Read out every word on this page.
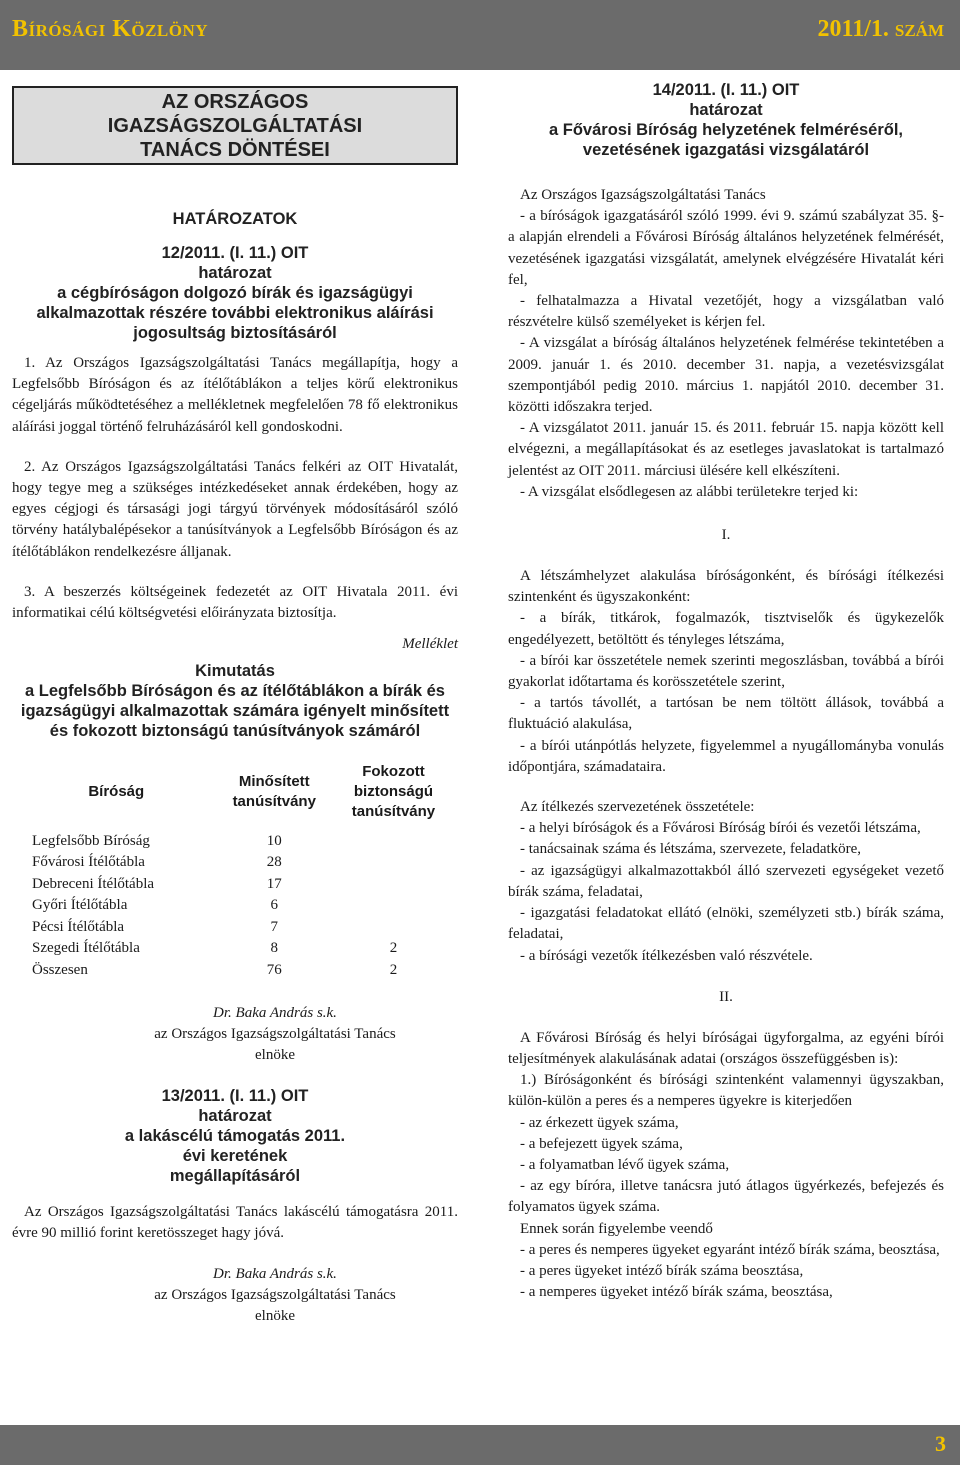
Bírósági Közlöny	2011/1. szám
AZ ORSZÁGOS IGAZSÁGSZOLGÁLTATÁSI TANÁCS DÖNTÉSEI
HATÁROZATOK
12/2011. (I. 11.) OIT
határozat
a cégbíróságon dolgozó bírák és igazságügyi alkalmazottak részére további elektronikus aláírási jogosultság biztosításáról

1. Az Országos Igazságszolgáltatási Tanács megállapítja, hogy a Legfelsőbb Bíróságon és az ítélőtáblákon a teljes körű elektronikus cégeljárás működtetéséhez a mellékletnek megfelelően 78 fő elektronikus aláírási joggal történő felruházásáról kell gondoskodni.

2. Az Országos Igazságszolgáltatási Tanács felkéri az OIT Hivatalát, hogy tegye meg a szükséges intézkedéseket annak érdekében, hogy az egyes cégjogi és társasági jogi tárgyú törvények módosításáról szóló törvény hatálybalépésekor a tanúsítványok a Legfelsőbb Bíróságon és az ítélőtáblákon rendelkezésre álljanak.

3. A beszerzés költségeinek fedezetét az OIT Hivatala 2011. évi informatikai célú költségvetési előirányzata biztosítja.

Melléklet
Kimutatás
a Legfelsőbb Bíróságon és az ítélőtáblákon a bírák és igazságügyi alkalmazottak számára igényelt minősített és fokozott biztonságú tanúsítványok számáról
Bíróság	Minősített tanúsítvány	Fokozott biztonságú tanúsítvány
Legfelsőbb Bíróság	10	
Fővárosi Ítélőtábla	28	
Debreceni Ítélőtábla	17	
Győri Ítélőtábla	6	
Pécsi Ítélőtábla	7	
Szegedi Ítélőtábla	8	2
Összesen	76	2
Dr. Baka András s.k.
az Országos Igazságszolgáltatási Tanács
elnöke
13/2011. (I. 11.) OIT
határozat
a lakáscélú támogatás 2011. évi keretének megállapításáról

Az Országos Igazságszolgáltatási Tanács lakáscélú támogatásra 2011. évre 90 millió forint keretösszeget hagy jóvá.

Dr. Baka András s.k.
az Országos Igazságszolgáltatási Tanács
elnöke
14/2011. (I. 11.) OIT
határozat
a Fővárosi Bíróság helyzetének felméréséről, vezetésének igazgatási vizsgálatáról

Az Országos Igazságszolgáltatási Tanács

- a bíróságok igazgatásáról szóló 1999. évi 9. számú szabályzat 35. §-a alapján elrendeli a Fővárosi Bíróság általános helyzetének felmérését, vezetésének igazgatási vizsgálatát, amelynek elvégzésére Hivatalát kéri fel,

- felhatalmazza a Hivatal vezetőjét, hogy a vizsgálatban való részvételre külső személyeket is kérjen fel.

- A vizsgálat a bíróság általános helyzetének felmérése tekintetében a 2009. január 1. és 2010. december 31. napja, a vezetésvizsgálat szempontjából pedig 2010. március 1. napjától 2010. december 31. közötti időszakra terjed.

- A vizsgálatot 2011. január 15. és 2011. február 15. napja között kell elvégezni, a megállapításokat és az esetleges javaslatokat is tartalmazó jelentést az OIT 2011. márciusi ülésére kell elkészíteni.

- A vizsgálat elsődlegesen az alábbi területekre terjed ki:

I.

A létszámhelyzet alakulása bíróságonként, és bírósági ítélkezési szintenként és ügyszakonként:

- a bírák, titkárok, fogalmazók, tisztviselők és ügykezelők engedélyezett, betöltött és tényleges létszáma,

- a bírói kar összetétele nemek szerinti megoszlásban, továbbá a bírói gyakorlat időtartama és korösszetétele szerint,

- a tartós távollét, a tartósan be nem töltött állások, továbbá a fluktuáció alakulása,

- a bírói utánpótlás helyzete, figyelemmel a nyugállományba vonulás időpontjára, számadataira.

Az ítélkezés szervezetének összetétele:

- a helyi bíróságok és a Fővárosi Bíróság bírói és vezetői létszáma,

- tanácsainak száma és létszáma, szervezete, feladatköre,

- az igazságügyi alkalmazottakból álló szervezeti egységeket vezető bírák száma, feladatai,

- igazgatási feladatokat ellátó (elnöki, személyzeti stb.) bírák száma, feladatai,

- a bírósági vezetők ítélkezésben való részvétele.

II.

A Fővárosi Bíróság és helyi bíróságai ügyforgalma, az egyéni bírói teljesítmények alakulásának adatai (országos összefüggésben is):

1.) Bíróságonként és bírósági szintenként valamennyi ügyszakban, külön-külön a peres és a nemperes ügyekre is kiterjedően

- az érkezett ügyek száma,

- a befejezett ügyek száma,

- a folyamatban lévő ügyek száma,

- az egy bíróra, illetve tanácsra jutó átlagos ügyérkezés, befejezés és folyamatos ügyek száma.

Ennek során figyelembe veendő

- a peres és nemperes ügyeket egyaránt intéző bírák száma, beosztása,

- a peres ügyeket intéző bírák száma beosztása,

- a nemperes ügyeket intéző bírák száma, beosztása,

3
